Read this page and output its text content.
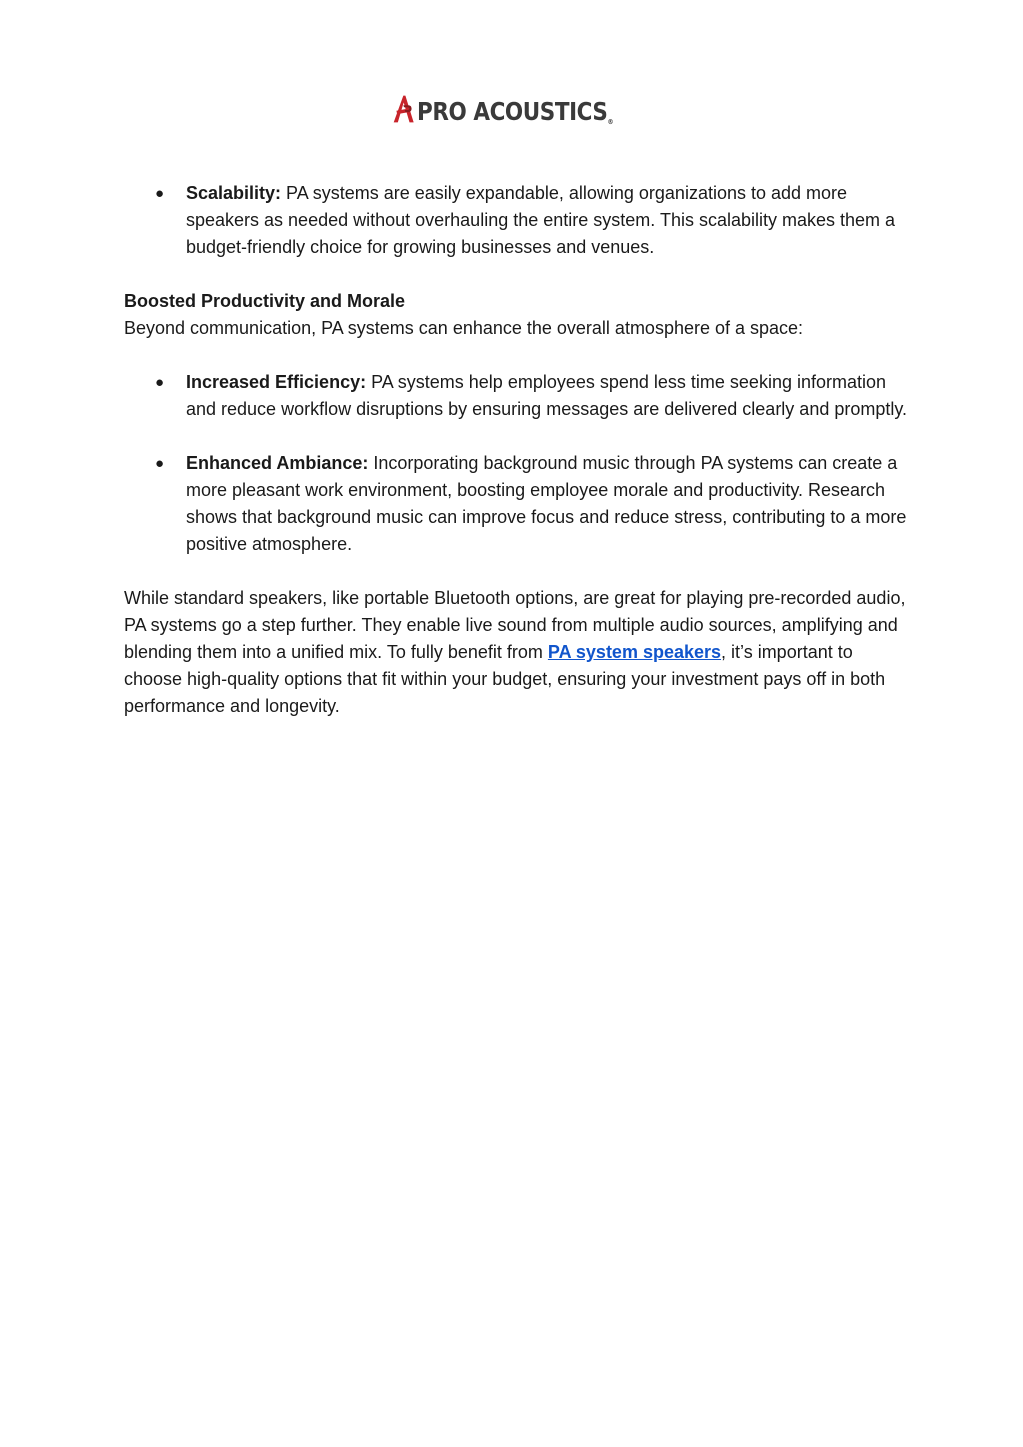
PRO ACOUSTICS®
● Scalability: PA systems are easily expandable, allowing organizations to add more speakers as needed without overhauling the entire system. This scalability makes them a budget-friendly choice for growing businesses and venues.

Boosted Productivity and Morale

Beyond communication, PA systems can enhance the overall atmosphere of a space:

● Increased Efficiency: PA systems help employees spend less time seeking information and reduce workflow disruptions by ensuring messages are delivered clearly and promptly.
● Enhanced Ambiance: Incorporating background music through PA systems can create a more pleasant work environment, boosting employee morale and productivity. Research shows that background music can improve focus and reduce stress, contributing to a more positive atmosphere.

While standard speakers, like portable Bluetooth options, are great for playing pre-recorded audio, PA systems go a step further. They enable live sound from multiple audio sources, amplifying and blending them into a unified mix. To fully benefit from PA system speakers, it’s important to choose high-quality options that fit within your budget, ensuring your investment pays off in both performance and longevity.
